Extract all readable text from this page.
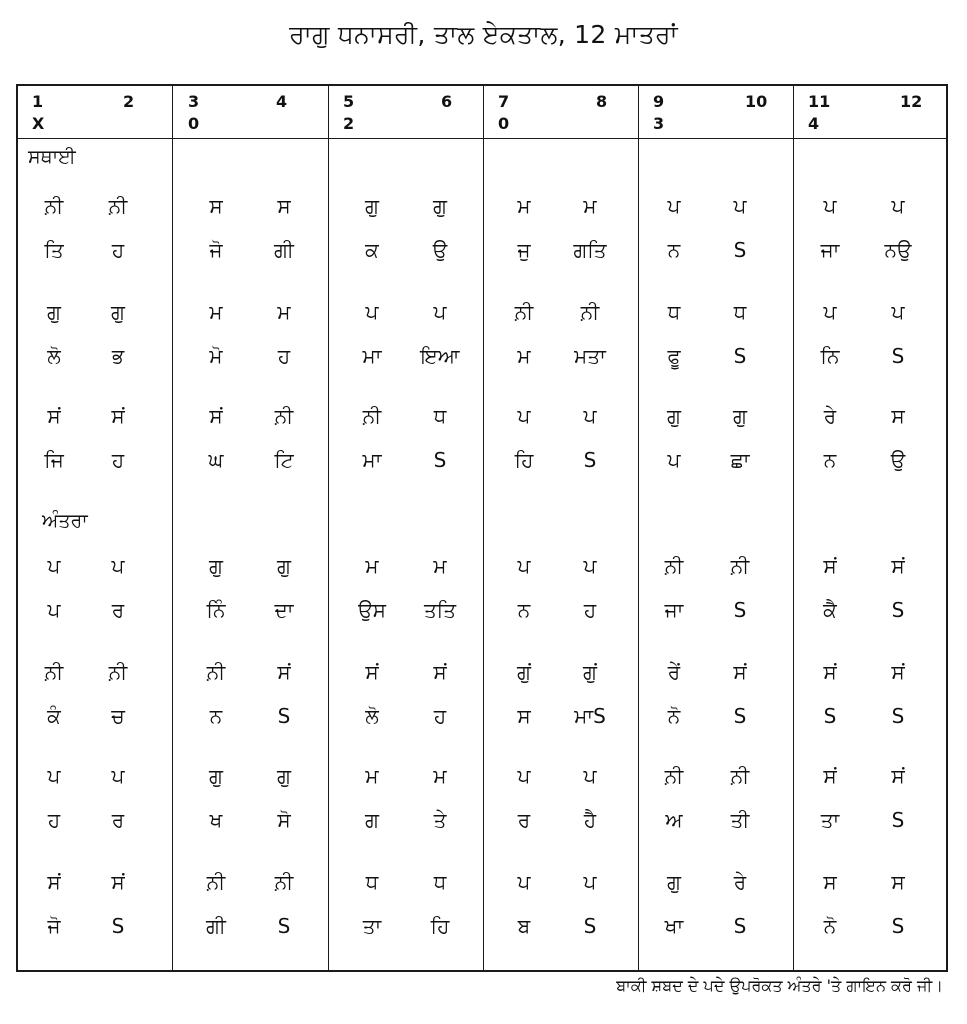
ਰਾਗੁ ਧਨਾਸਰੀ, ਤਾਲ ਏਕਤਾਲ, 12 ਮਾਤਰਾਂ
ਸਥਾਈ
ਅੰਤਰਾ
1	2	3	4	5	6	7	8	9	10	11	12
X	0	2	0	3	4
ਨ਼ੀ	ਨ਼ੀ	ਸ	ਸ	ਗੁ	ਗੁ	ਮ	ਮ	ਪ	ਪ	ਪ	ਪ
ਤਿ	ਹ	ਜੋ	ਗੀ	ਕ	ਉ	ਜੁ	ਗਤਿ	ਨ	S	ਜਾ	ਨਉ
ਗੁ	ਗੁ	ਮ	ਮ	ਪ	ਪ	ਨ਼ੀ	ਨ਼ੀ	ਧ	ਧ	ਪ	ਪ
ਲੋ	ਭ	ਮੋ	ਹ	ਮਾ	ਇਆ	ਮ	ਮਤਾ	ਫੂ	S	ਨਿ	S
ਸਂ	ਸਂ	ਸਂ	ਨ਼ੀ	ਨ਼ੀ	ਧ	ਪ	ਪ	ਗੁ	ਗੁ	ਰੇ	ਸ
ਜਿ	ਹ	ਘ	ਟਿ	ਮਾ	S	ਹਿ	S	ਪ	ਛਾ	ਨ	ਉ
ਪ	ਪ	ਗੁ	ਗੁ	ਮ	ਮ	ਪ	ਪ	ਨ਼ੀ	ਨ਼ੀ	ਸਂ	ਸਂ
ਪ	ਰ	ਨਿੰ	ਦਾ	ਉਸ	ਤਤਿ	ਨ	ਹ	ਜਾ	S	ਕੈ	S
ਨ਼ੀ	ਨ਼ੀ	ਨ਼ੀ	ਸਂ	ਸਂ	ਸਂ	ਗੁਂ	ਗੁਂ	ਰੇਂ	ਸਂ	ਸਂ	ਸਂ
ਕੰ	ਚ	ਨ	S	ਲੋ	ਹ	ਸ	ਮਾS	ਨੋ	S	S	S
ਪ	ਪ	ਗੁ	ਗੁ	ਮ	ਮ	ਪ	ਪ	ਨ਼ੀ	ਨ਼ੀ	ਸਂ	ਸਂ
ਹ	ਰ	ਖ	ਸੋ	ਗ	ਤੇ	ਰ	ਹੈ	ਅ	ਤੀ	ਤਾ	S
ਸਂ	ਸਂ	ਨ਼ੀ	ਨ਼ੀ	ਧ	ਧ	ਪ	ਪ	ਗੁ	ਰੇ	ਸ	ਸ
ਜੋ	S	ਗੀ	S	ਤਾ	ਹਿ	ਬ	S	ਖਾ	S	ਨੋ	S
ਬਾਕੀ ਸ਼ਬਦ ਦੇ ਪਦੇ ਉਪਰੋਕਤ ਅੰਤਰੇ 'ਤੇ ਗਾਇਨ ਕਰੋ ਜੀ।
